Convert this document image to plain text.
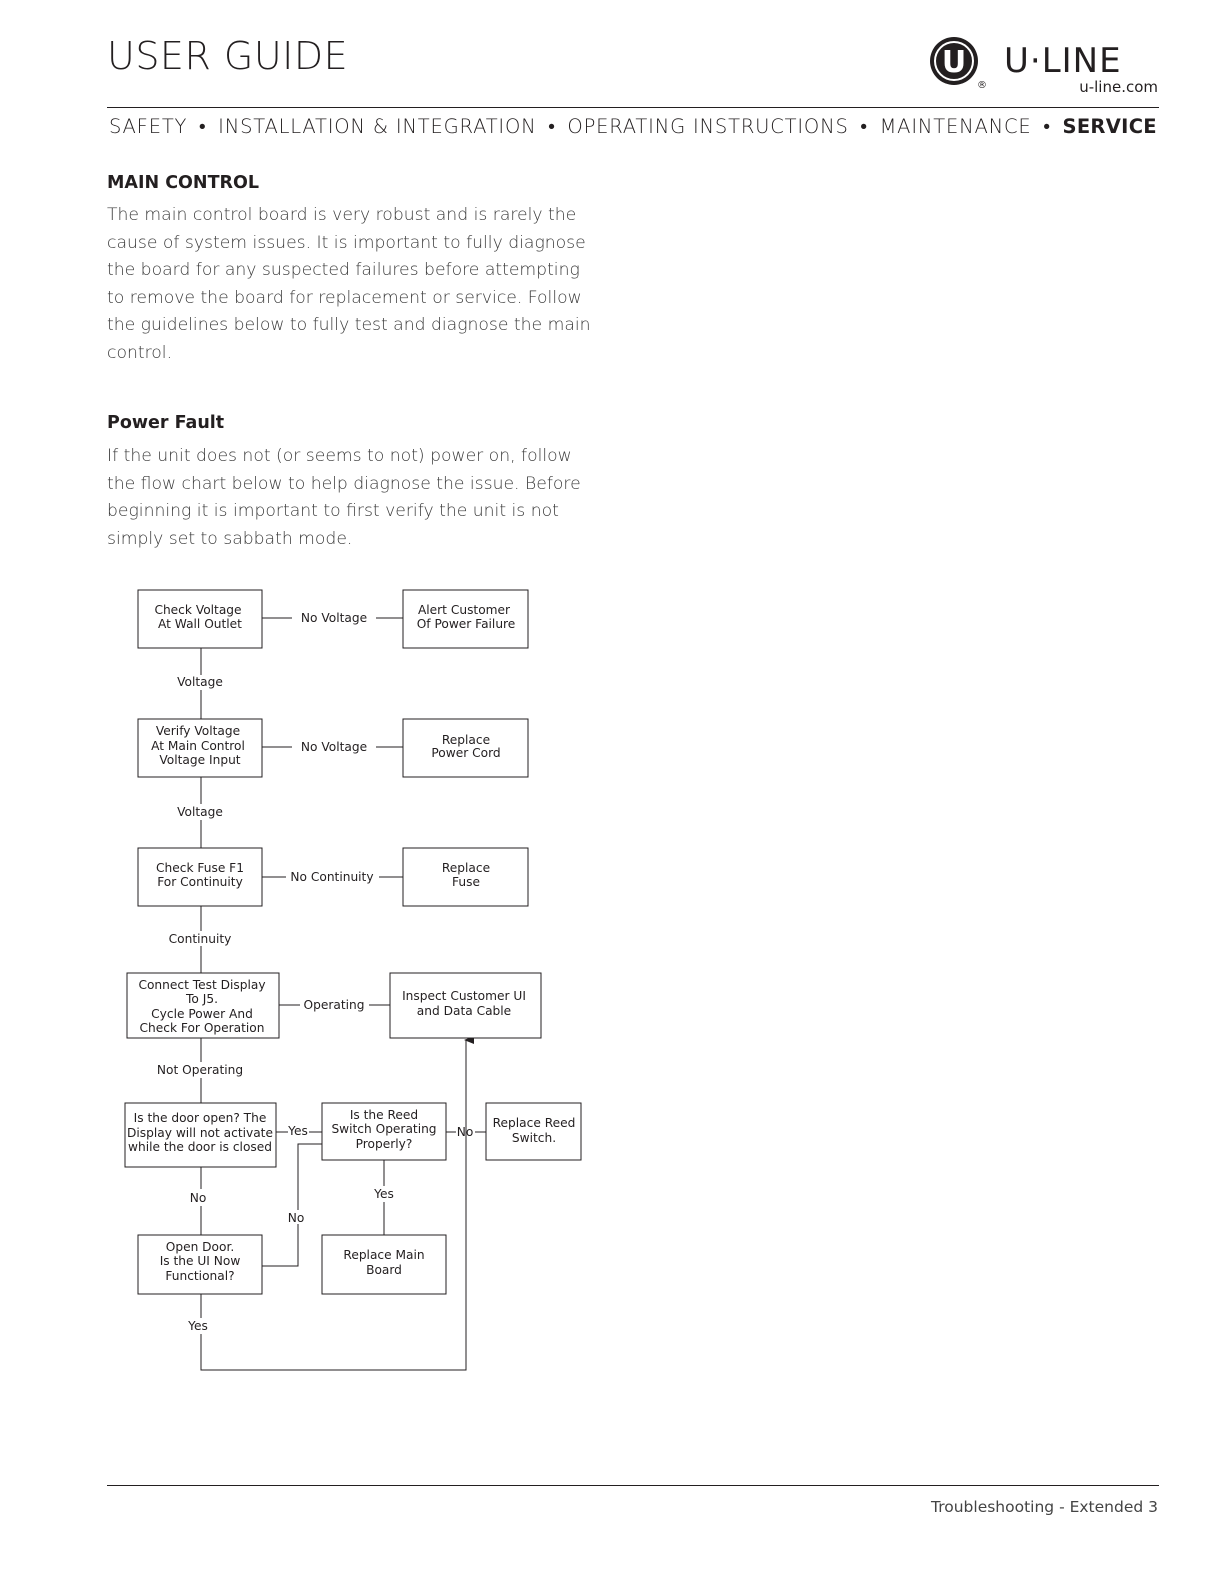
USER GUIDE	U
®
U·LINE
u-line.com
SAFETY • INSTALLATION & INTEGRATION • OPERATING INSTRUCTIONS • MAINTENANCE • SERVICE
MAIN CONTROL
The main control board is very robust and is rarely the cause of system issues. It is important to fully diagnose the board for any suspected failures before attempting to remove the board for replacement or service. Follow the guidelines below to fully test and diagnose the main control.
Power Fault
If the unit does not (or seems to not) power on, follow the flow chart below to help diagnose the issue. Before beginning it is important to first verify the unit is not simply set to sabbath mode.
Check Voltage
At Wall Outlet
Alert Customer
Of Power Failure
Verify Voltage
At Main Control
Voltage Input
Replace
Power Cord
Check Fuse F1
For Continuity
Replace
Fuse
Connect Test Display
To J5.
Cycle Power And
Check For Operation
Inspect Customer UI
and Data Cable
Is the door open? The
Display will not activate
while the door is closed
Is the Reed
Switch Operating
Properly?
Replace Reed
Switch.
Open Door.
Is the UI Now
Functional?
Replace Main
Board
No Voltage
Voltage
No Voltage
Voltage
No Continuity
Continuity
Operating
Not Operating
Yes	No
No	Yes
No
Yes
Troubleshooting - Extended 3
